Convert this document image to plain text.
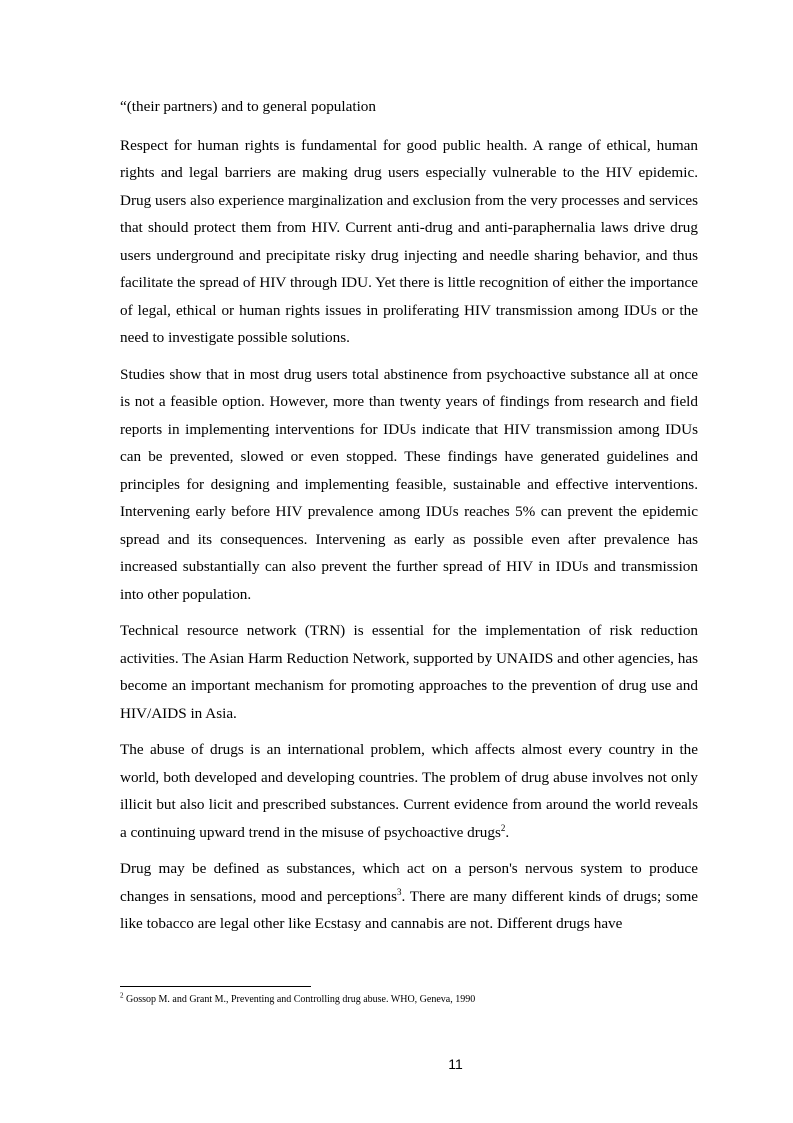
“(their partners) and to general population

Respect for human rights is fundamental for good public health. A range of ethical, human rights and legal barriers are making drug users especially vulnerable to the HIV epidemic. Drug users also experience marginalization and exclusion from the very processes and services that should protect them from HIV. Current anti-drug and anti-paraphernalia laws drive drug users underground and precipitate risky drug injecting and needle sharing behavior, and thus facilitate the spread of HIV through IDU. Yet there is little recognition of either the importance of legal, ethical or human rights issues in proliferating HIV transmission among IDUs or the need to investigate possible solutions.

Studies show that in most drug users total abstinence from psychoactive substance all at once is not a feasible option. However, more than twenty years of findings from research and field reports in implementing interventions for IDUs indicate that HIV transmission among IDUs can be prevented, slowed or even stopped. These findings have generated guidelines and principles for designing and implementing feasible, sustainable and effective interventions. Intervening early before HIV prevalence among IDUs reaches 5% can prevent the epidemic spread and its consequences. Intervening as early as possible even after prevalence has increased substantially can also prevent the further spread of HIV in IDUs and transmission into other population.

Technical resource network (TRN) is essential for the implementation of risk reduction activities. The Asian Harm Reduction Network, supported by UNAIDS and other agencies, has become an important mechanism for promoting approaches to the prevention of drug use and HIV/AIDS in Asia.

The abuse of drugs is an international problem, which affects almost every country in the world, both developed and developing countries. The problem of drug abuse involves not only illicit but also licit and prescribed substances. Current evidence from around the world reveals a continuing upward trend in the misuse of psychoactive drugs$^2$.

Drug may be defined as substances, which act on a person's nervous system to produce changes in sensations, mood and perceptions$^3$. There are many different kinds of drugs; some like tobacco are legal other like Ecstasy and cannabis are not. Different drugs have

$^2$ Gossop M. and Grant M., Preventing and Controlling drug abuse. WHO, Geneva, 1990
11
